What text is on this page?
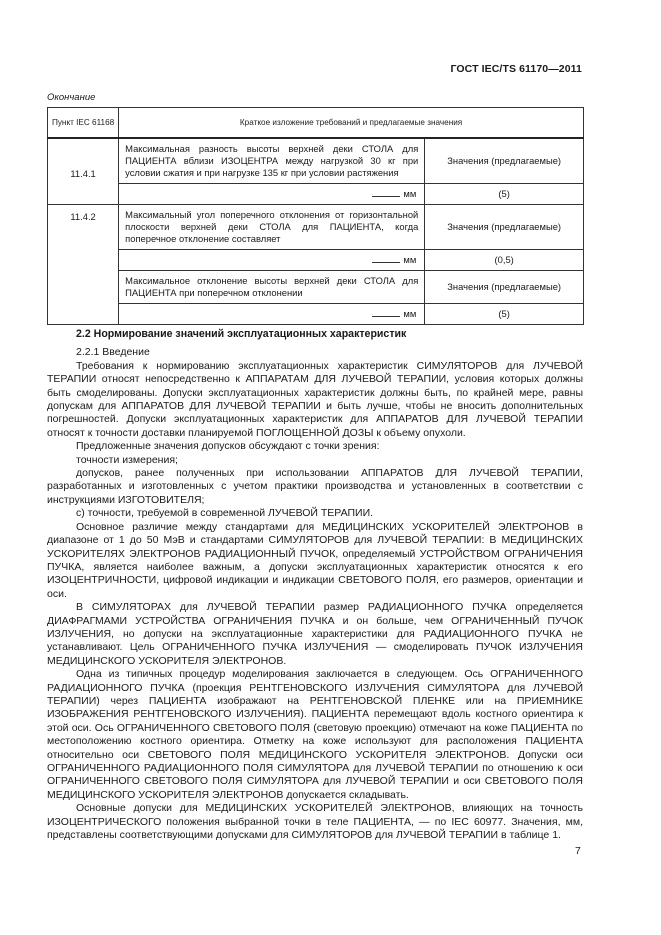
ГОСТ IEC/TS 61170—2011
Окончание
Пункт IEC 61168	Краткое изложение требований и предлагаемые значения	
11.4.1	Максимальная разность высоты верхней деки СТОЛА для ПАЦИЕНТА вблизи ИЗОЦЕНТРА между нагрузкой 30 кг при условии сжатия и при нагрузке 135 кг при условии растяжения	Значения (предлагаемые)
	мм	(5)
11.4.2	Максимальный угол поперечного отклонения от горизонтальной плоскости верхней деки СТОЛА для ПАЦИЕНТА, когда поперечное отклонение составляет	Значения (предлагаемые)
	мм	(0,5)
	Максимальное отклонение высоты верхней деки СТОЛА для ПАЦИЕНТА при поперечном отклонении	Значения (предлагаемые)
	мм	(5)
2.2 Нормирование значений эксплуатационных характеристик
2.2.1 Введение

Требования к нормированию эксплуатационных характеристик СИМУЛЯТОРОВ для ЛУЧЕВОЙ ТЕРАПИИ относят непосредственно к АППАРАТАМ ДЛЯ ЛУЧЕВОЙ ТЕРАПИИ, условия которых должны быть смоделированы. Допуски эксплуатационных характеристик должны быть, по крайней мере, равны допускам для АППАРАТОВ ДЛЯ ЛУЧЕВОЙ ТЕРАПИИ и быть лучше, чтобы не вносить дополнительных погрешностей. Допуски эксплуатационных характеристик для АППАРАТОВ ДЛЯ ЛУЧЕВОЙ ТЕРАПИИ относят к точности доставки планируемой ПОГЛОЩЕННОЙ ДОЗЫ к объему опухоли.

Предложенные значения допусков обсуждают с точки зрения:

точности измерения;

допусков, ранее полученных при использовании АППАРАТОВ ДЛЯ ЛУЧЕВОЙ ТЕРАПИИ, разработанных и изготовленных с учетом практики производства и установленных в соответствии с инструкциями ИЗГОТОВИТЕЛЯ;

с) точности, требуемой в современной ЛУЧЕВОЙ ТЕРАПИИ.

Основное различие между стандартами для МЕДИЦИНСКИХ УСКОРИТЕЛЕЙ ЭЛЕКТРОНОВ в диапазоне от 1 до 50 МэВ и стандартами СИМУЛЯТОРОВ для ЛУЧЕВОЙ ТЕРАПИИ: В МЕДИЦИНСКИХ УСКОРИТЕЛЯХ ЭЛЕКТРОНОВ РАДИАЦИОННЫЙ ПУЧОК, определяемый УСТРОЙСТВОМ ОГРАНИЧЕНИЯ ПУЧКА, является наиболее важным, а допуски эксплуатационных характеристик относятся к его ИЗОЦЕНТРИЧНОСТИ, цифровой индикации и индикации СВЕТОВОГО ПОЛЯ, его размеров, ориентации и оси.

В СИМУЛЯТОРАХ для ЛУЧЕВОЙ ТЕРАПИИ размер РАДИАЦИОННОГО ПУЧКА определяется ДИАФРАГМАМИ УСТРОЙСТВА ОГРАНИЧЕНИЯ ПУЧКА и он больше, чем ОГРАНИЧЕННЫЙ ПУЧОК ИЗЛУЧЕНИЯ, но допуски на эксплуатационные характеристики для РАДИАЦИОННОГО ПУЧКА не устанавливают. Цель ОГРАНИЧЕННОГО ПУЧКА ИЗЛУЧЕНИЯ — смоделировать ПУЧОК ИЗЛУЧЕНИЯ МЕДИЦИНСКОГО УСКОРИТЕЛЯ ЭЛЕКТРОНОВ.

Одна из типичных процедур моделирования заключается в следующем. Ось ОГРАНИЧЕННОГО РАДИАЦИОННОГО ПУЧКА (проекция РЕНТГЕНОВСКОГО ИЗЛУЧЕНИЯ СИМУЛЯТОРА для ЛУЧЕВОЙ ТЕРАПИИ) через ПАЦИЕНТА изображают на РЕНТГЕНОВСКОЙ ПЛЕНКЕ или на ПРИЕМНИКЕ ИЗОБРАЖЕНИЯ РЕНТГЕНОВСКОГО ИЗЛУЧЕНИЯ). ПАЦИЕНТА перемещают вдоль костного ориентира к этой оси. Ось ОГРАНИЧЕННОГО СВЕТОВОГО ПОЛЯ (световую проекцию) отмечают на коже ПАЦИЕНТА по местоположению костного ориентира. Отметку на коже используют для расположения ПАЦИЕНТА относительно оси СВЕТОВОГО ПОЛЯ МЕДИЦИНСКОГО УСКОРИТЕЛЯ ЭЛЕКТРОНОВ. Допуски оси ОГРАНИЧЕННОГО РАДИАЦИОННОГО ПОЛЯ СИМУЛЯТОРА для ЛУЧЕВОЙ ТЕРАПИИ по отношению к оси ОГРАНИЧЕННОГО СВЕТОВОГО ПОЛЯ СИМУЛЯТОРА для ЛУЧЕВОЙ ТЕРАПИИ и оси СВЕТОВОГО ПОЛЯ МЕДИЦИНСКОГО УСКОРИТЕЛЯ ЭЛЕКТРОНОВ допускается складывать.

Основные допуски для МЕДИЦИНСКИХ УСКОРИТЕЛЕЙ ЭЛЕКТРОНОВ, влияющих на точность ИЗОЦЕНТРИЧЕСКОГО положения выбранной точки в теле ПАЦИЕНТА, — по IEC 60977. Значения, мм, представлены соответствующими допусками для СИМУЛЯТОРОВ для ЛУЧЕВОЙ ТЕРАПИИ в таблице 1.

7
